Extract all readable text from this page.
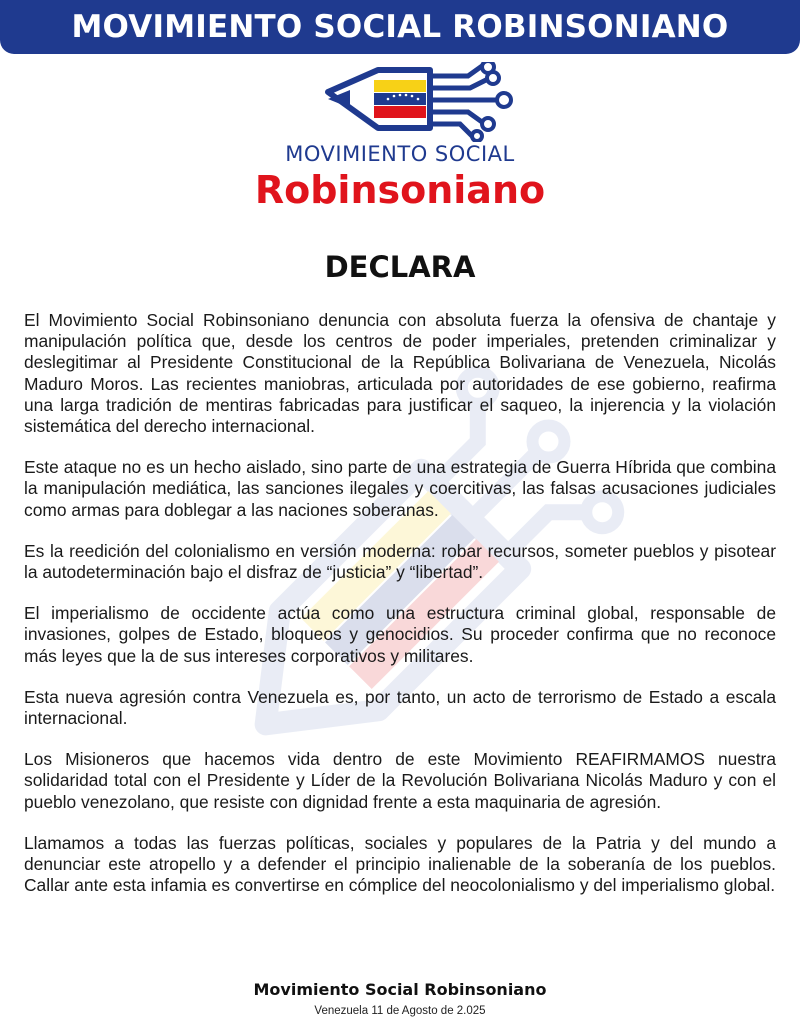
MOVIMIENTO SOCIAL ROBINSONIANO
MOVIMIENTO SOCIAL
Robinsoniano
DECLARA

El Movimiento Social Robinsoniano denuncia con absoluta fuerza la ofensiva de chantaje y manipulación política que, desde los centros de poder imperiales, pretenden criminalizar y deslegitimar al Presidente Constitucional de la República Bolivariana de Venezuela, Nicolás Maduro Moros. Las recientes maniobras, articulada por autoridades de ese gobierno, reafirma una larga tradición de mentiras fabricadas para justificar el saqueo, la injerencia y la violación sistemática del derecho internacional.

Este ataque no es un hecho aislado, sino parte de una estrategia de Guerra Híbrida que combina la manipulación mediática, las sanciones ilegales y coercitivas, las falsas acusaciones judiciales como armas para doblegar a las naciones soberanas.

Es la reedición del colonialismo en versión moderna: robar recursos, someter pueblos y pisotear la autodeterminación bajo el disfraz de “justicia” y “libertad”.

El imperialismo de occidente actúa como una estructura criminal global, responsable de invasiones, golpes de Estado, bloqueos y genocidios. Su proceder confirma que no reconoce más leyes que la de sus intereses corporativos y militares.

Esta nueva agresión contra Venezuela es, por tanto, un acto de terrorismo de Estado a escala internacional.

Los Misioneros que hacemos vida dentro de este Movimiento REAFIRMAMOS nuestra solidaridad total con el Presidente y Líder de la Revolución Bolivariana Nicolás Maduro y con el pueblo venezolano, que resiste con dignidad frente a esta maquinaria de agresión.

Llamamos a todas las fuerzas políticas, sociales y populares de la Patria y del mundo a denunciar este atropello y a defender el principio inalienable de la soberanía de los pueblos. Callar ante esta infamia es convertirse en cómplice del neocolonialismo y del imperialismo global.

Movimiento Social Robinsoniano
Venezuela 11 de Agosto de 2.025
